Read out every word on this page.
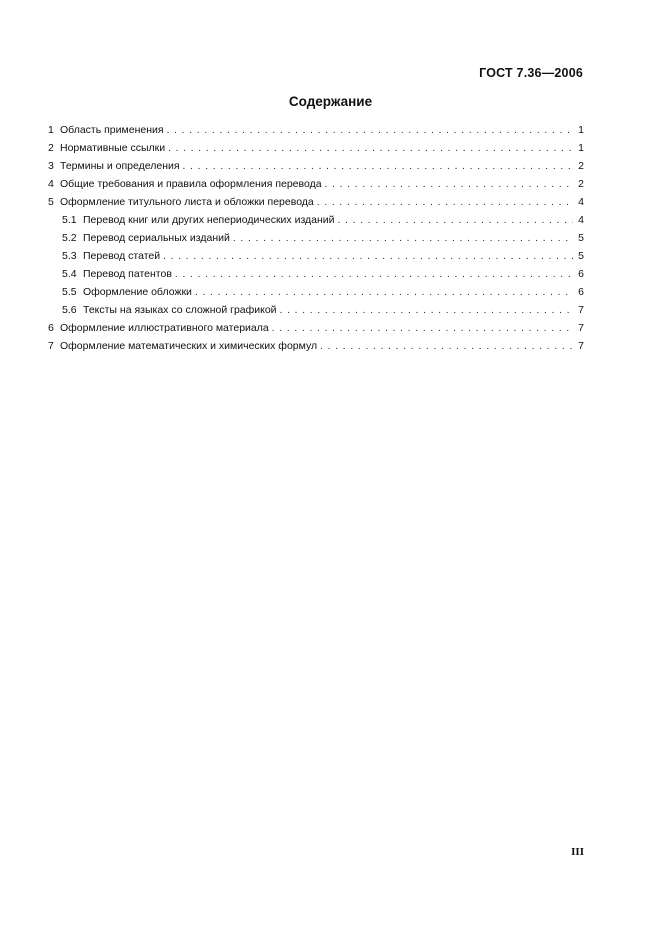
ГОСТ 7.36—2006
Содержание
1 Область применения . . .	1
2 Нормативные ссылки . . .	1
3 Термины и определения . . .	2
4 Общие требования и правила оформления перевода . . .	2
5 Оформление титульного листа и обложки перевода . . .	4
5.1 Перевод книг или других непериодических изданий . . .	4
5.2 Перевод сериальных изданий . . .	5
5.3 Перевод статей . . .	5
5.4 Перевод патентов . . .	6
5.5 Оформление обложки . . .	6
5.6 Тексты на языках со сложной графикой . . .	7
6 Оформление иллюстративного материала . . .	7
7 Оформление математических и химических формул . . .	7
III
